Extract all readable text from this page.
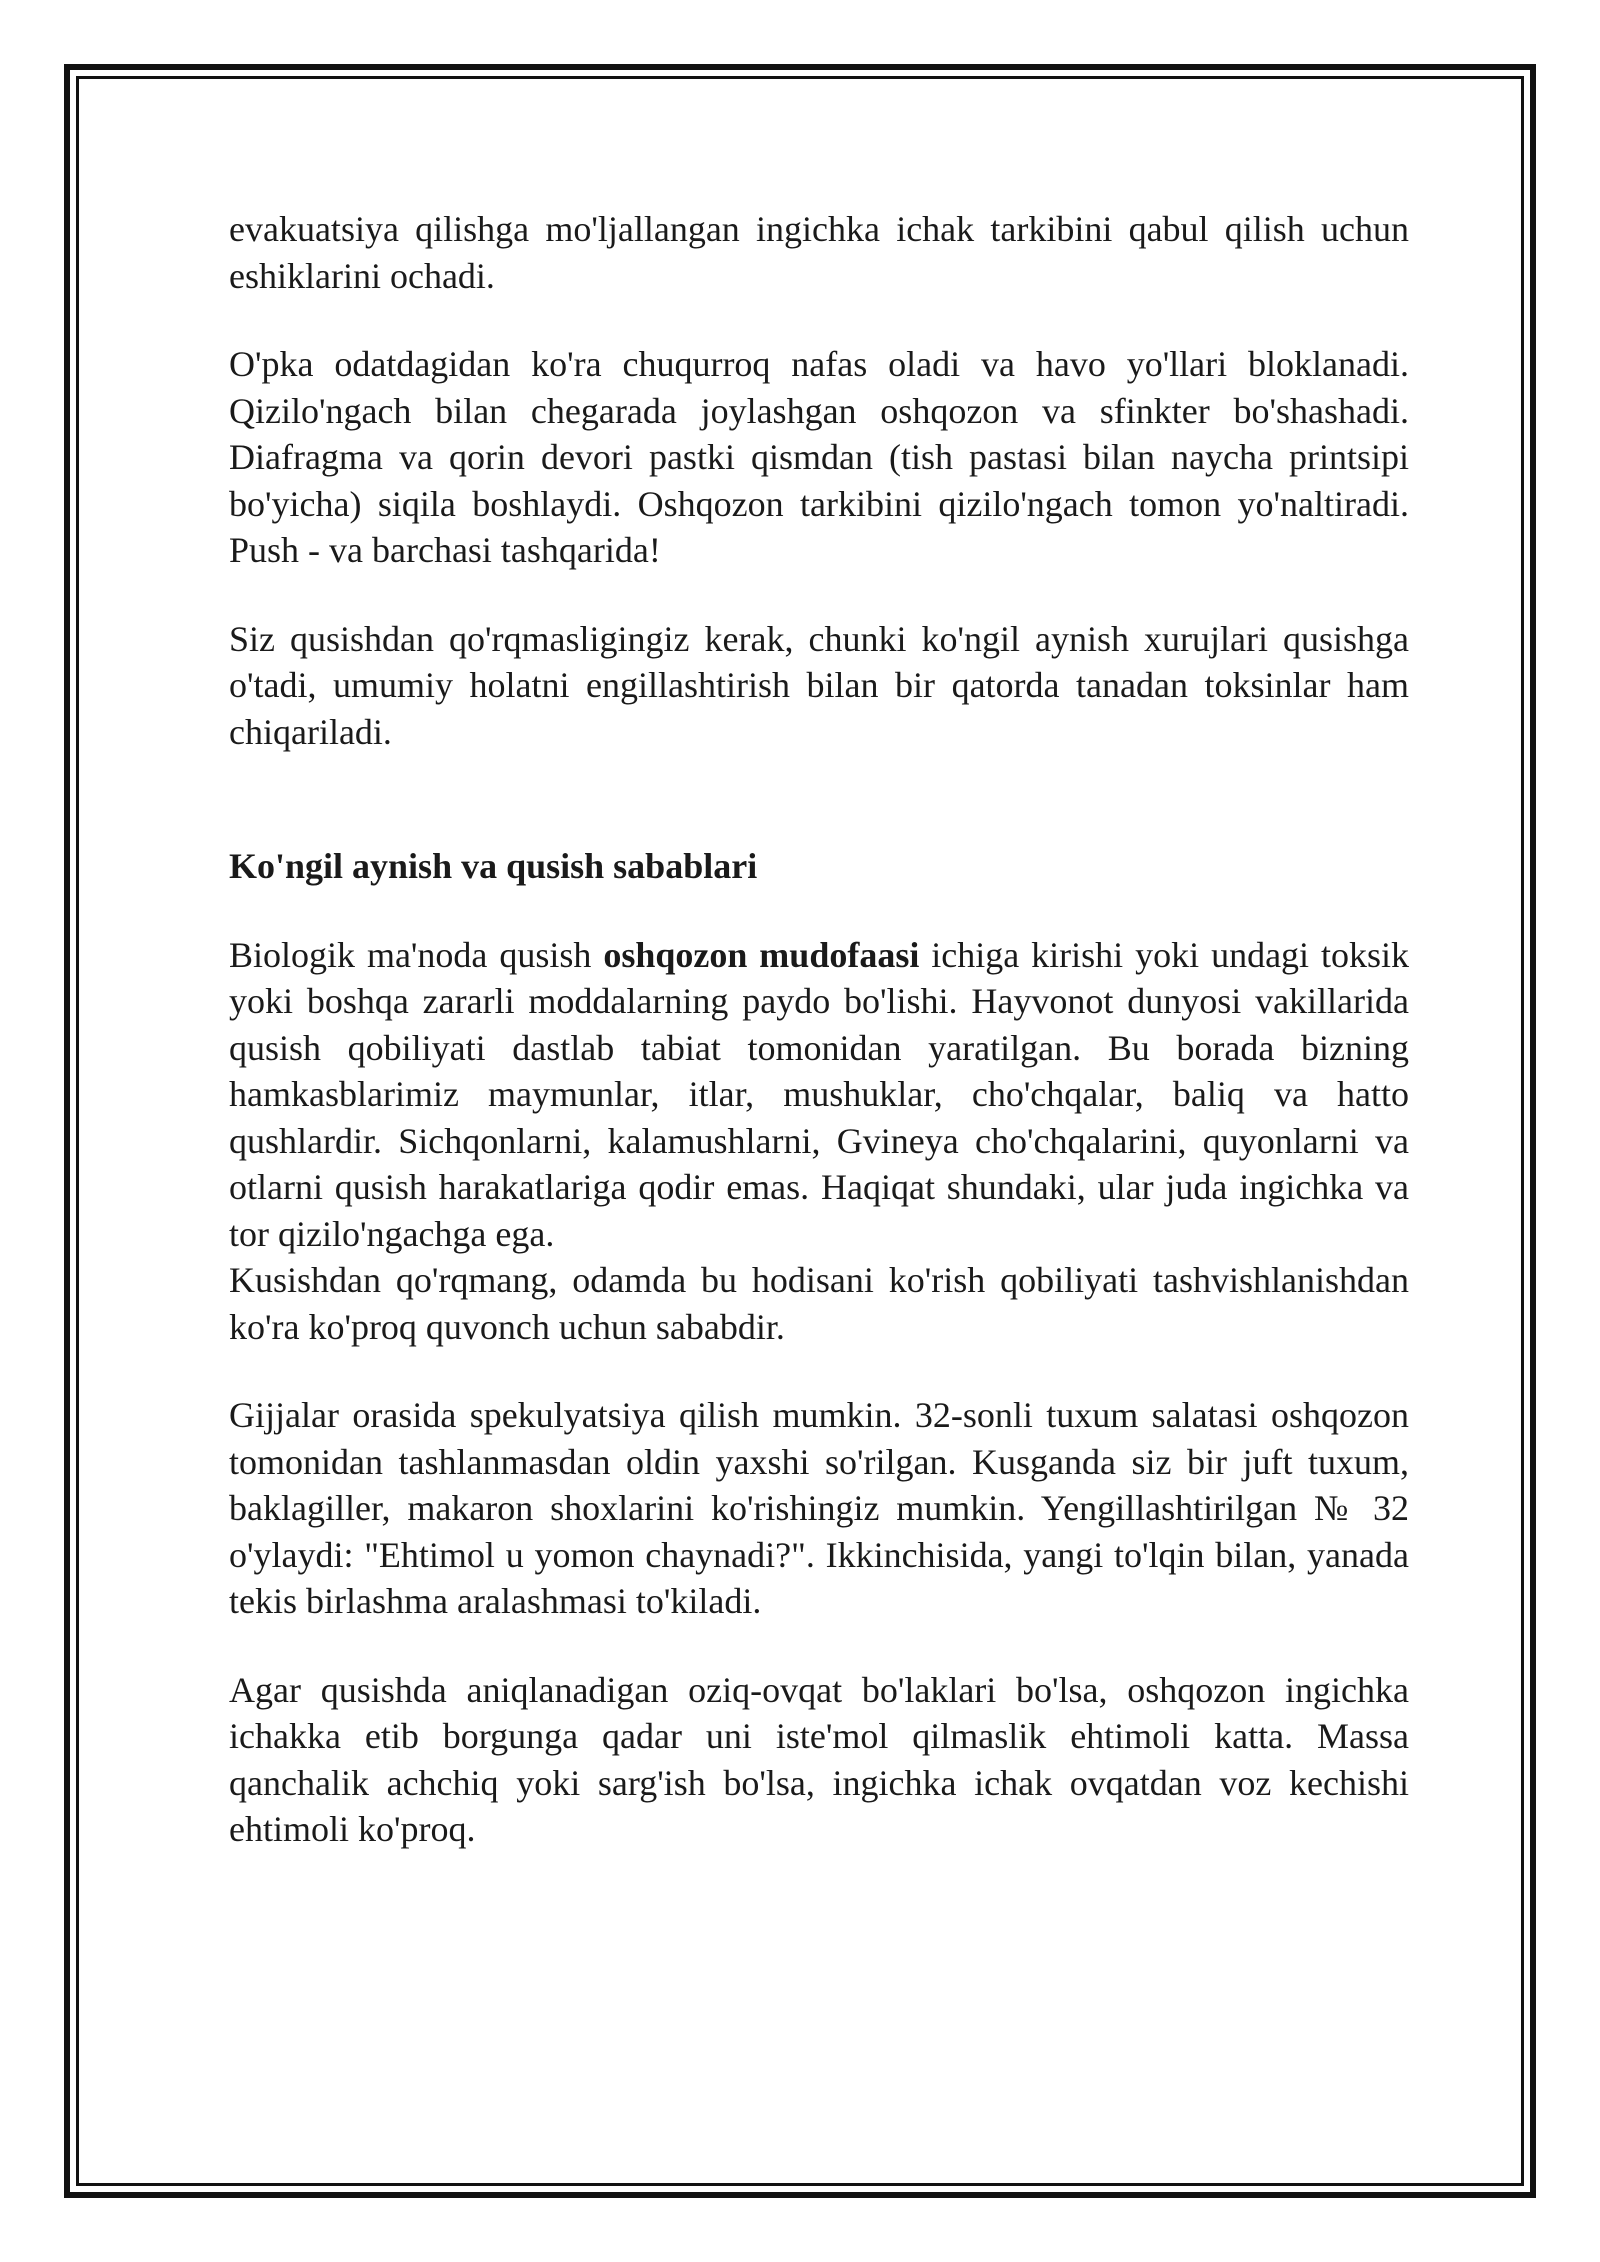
evakuatsiya qilishga mo'ljallangan ingichka ichak tarkibini qabul qilish uchun eshiklarini ochadi.

O'pka odatdagidan ko'ra chuqurroq nafas oladi va havo yo'llari bloklanadi. Qizilo'ngach bilan chegarada joylashgan oshqozon va sfinkter bo'shashadi. Diafragma va qorin devori pastki qismdan (tish pastasi bilan naycha printsipi bo'yicha) siqila boshlaydi. Oshqozon tarkibini qizilo'ngach tomon yo'naltiradi. Push - va barchasi tashqarida!

Siz qusishdan qo'rqmasligingiz kerak, chunki ko'ngil aynish xurujlari qusishga o'tadi, umumiy holatni engillashtirish bilan bir qatorda tanadan toksinlar ham chiqariladi.

Ko'ngil aynish va qusish sabablari

Biologik ma'noda qusish oshqozon mudofaasi ichiga kirishi yoki undagi toksik yoki boshqa zararli moddalarning paydo bo'lishi. Hayvonot dunyosi vakillarida qusish qobiliyati dastlab tabiat tomonidan yaratilgan. Bu borada bizning hamkasblarimiz maymunlar, itlar, mushuklar, cho'chqalar, baliq va hatto qushlardir. Sichqonlarni, kalamushlarni, Gvineya cho'chqalarini, quyonlarni va otlarni qusish harakatlariga qodir emas. Haqiqat shundaki, ular juda ingichka va tor qizilo'ngachga ega.

Kusishdan qo'rqmang, odamda bu hodisani ko'rish qobiliyati tashvishlanishdan ko'ra ko'proq quvonch uchun sababdir.

Gijjalar orasida spekulyatsiya qilish mumkin. 32-sonli tuxum salatasi oshqozon tomonidan tashlanmasdan oldin yaxshi so'rilgan. Kusganda siz bir juft tuxum, baklagiller, makaron shoxlarini ko'rishingiz mumkin. Yengillashtirilgan № 32 o'ylaydi: "Ehtimol u yomon chaynadi?". Ikkinchisida, yangi to'lqin bilan, yanada tekis birlashma aralashmasi to'kiladi.

Agar qusishda aniqlanadigan oziq-ovqat bo'laklari bo'lsa, oshqozon ingichka ichakka etib borgunga qadar uni iste'mol qilmaslik ehtimoli katta. Massa qanchalik achchiq yoki sarg'ish bo'lsa, ingichka ichak ovqatdan voz kechishi ehtimoli ko'proq.
